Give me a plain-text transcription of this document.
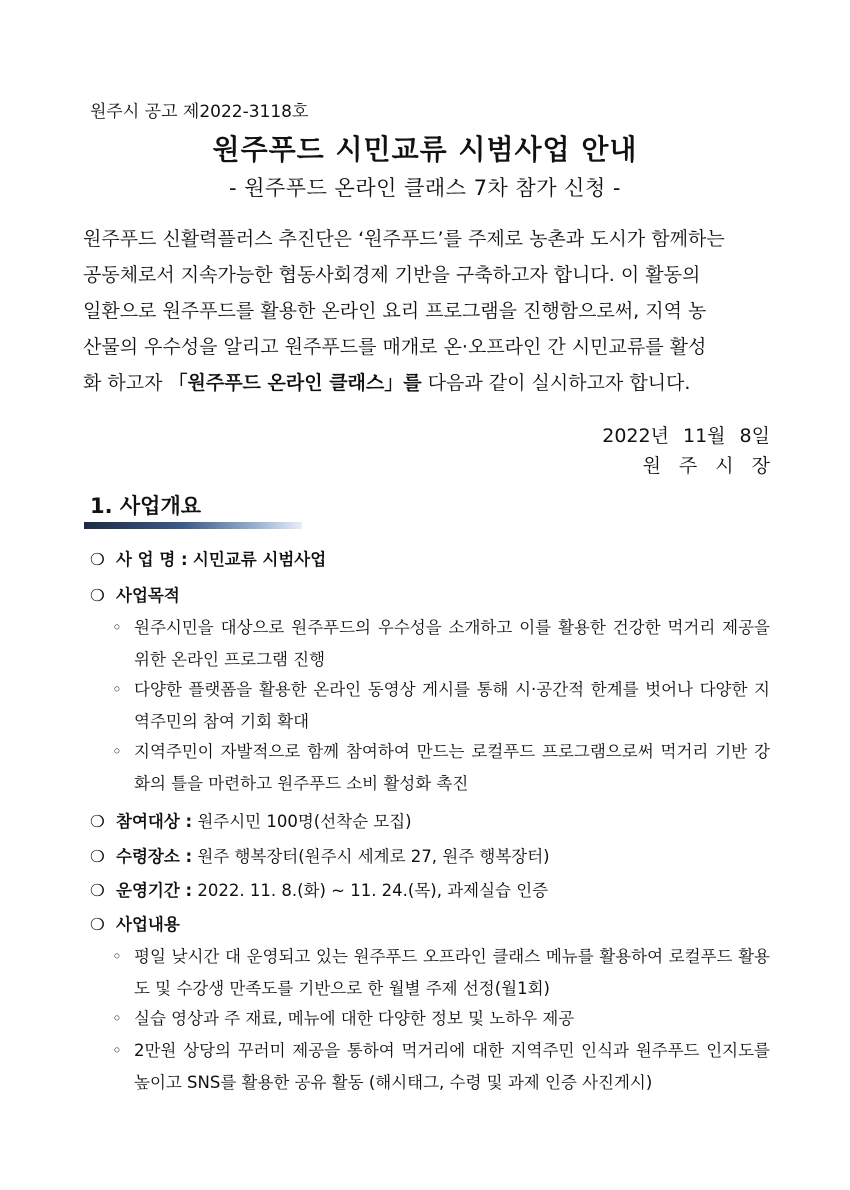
원주시 공고 제2022-3118호
원주푸드 시민교류 시범사업 안내
- 원주푸드 온라인 클래스 7차 참가 신청 -

원주푸드 신활력플러스 추진단은 ‘원주푸드’를 주제로 농촌과 도시가 함께하는

공동체로서 지속가능한 협동사회경제 기반을 구축하고자 합니다. 이 활동의

일환으로 원주푸드를 활용한 온라인 요리 프로그램을 진행함으로써, 지역 농

산물의 우수성을 알리고 원주푸드를 매개로 온·오프라인 간 시민교류를 활성

화 하고자 「원주푸드 온라인 클래스」를 다음과 같이 실시하고자 합니다.

2022년 11월 8일
원주시장
1. 사업개요
❍ 사 업 명 : 시민교류 시범사업
❍ 사업목적
◦ 원주시민을 대상으로 원주푸드의 우수성을 소개하고 이를 활용한 건강한 먹거리 제공을 위한 온라인 프로그램 진행
◦ 다양한 플랫폼을 활용한 온라인 동영상 게시를 통해 시·공간적 한계를 벗어나 다양한 지역주민의 참여 기회 확대
◦ 지역주민이 자발적으로 함께 참여하여 만드는 로컬푸드 프로그램으로써 먹거리 기반 강화의 틀을 마련하고 원주푸드 소비 활성화 촉진
❍ 참여대상 : 원주시민 100명(선착순 모집)
❍ 수령장소 : 원주 행복장터(원주시 세계로 27, 원주 행복장터)
❍ 운영기간 : 2022. 11. 8.(화) ~ 11. 24.(목), 과제실습 인증
❍ 사업내용
◦ 평일 낮시간 대 운영되고 있는 원주푸드 오프라인 클래스 메뉴를 활용하여 로컬푸드 활용도 및 수강생 만족도를 기반으로 한 월별 주제 선정(월1회)
◦ 실습 영상과 주 재료, 메뉴에 대한 다양한 정보 및 노하우 제공
◦ 2만원 상당의 꾸러미 제공을 통하여 먹거리에 대한 지역주민 인식과 원주푸드 인지도를 높이고 SNS를 활용한 공유 활동 (해시태그, 수령 및 과제 인증 사진게시)
